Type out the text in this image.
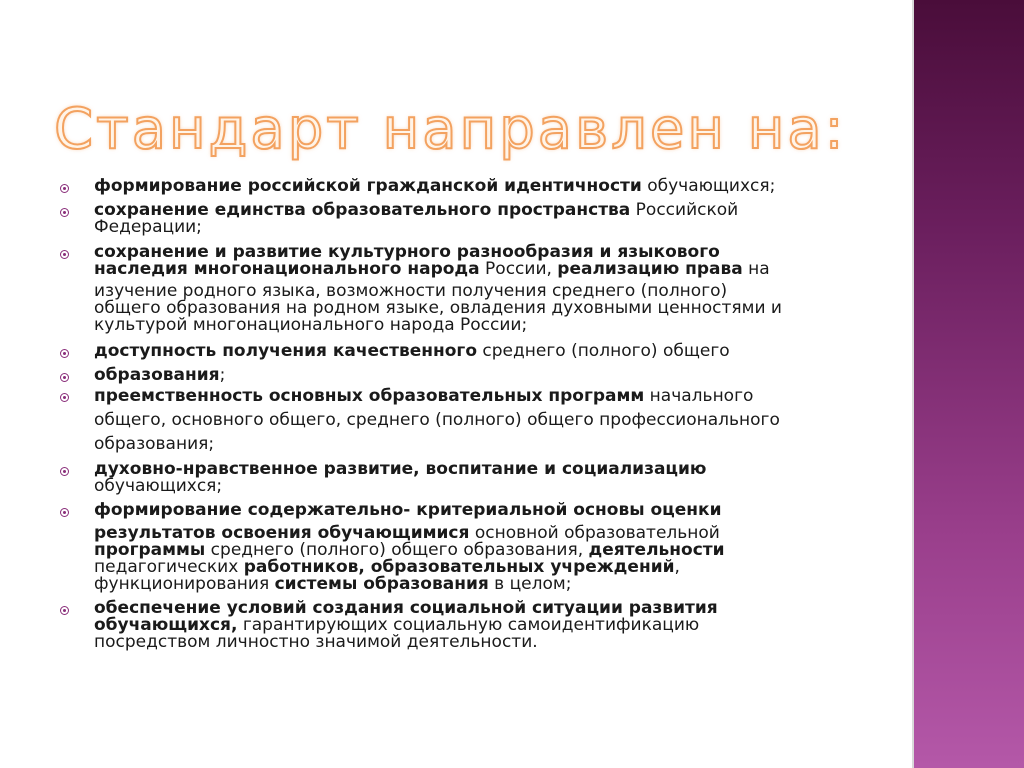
Стандарт направлен на:
формирование российской гражданской идентичности обучающихся;
сохранение единства образовательного пространства Российской
Федерации;
сохранение и развитие культурного разнообразия и языкового
наследия многонационального народа России, реализацию права на
изучение родного языка, возможности получения среднего (полного)
общего образования на родном языке, овладения духовными ценностями и
культурой многонационального народа России;
доступность получения качественного среднего (полного) общего
образования;
преемственность основных образовательных программ начального
общего, основного общего, среднего (полного) общего профессионального
образования;
духовно-нравственное развитие, воспитание и социализацию
обучающихся;
формирование содержательно- критериальной основы оценки
результатов освоения обучающимися основной образовательной
программы среднего (полного) общего образования, деятельности
педагогических работников, образовательных учреждений,
функционирования системы образования в целом;
обеспечение условий создания социальной ситуации развития
обучающихся, гарантирующих социальную самоидентификацию
посредством личностно значимой деятельности.
